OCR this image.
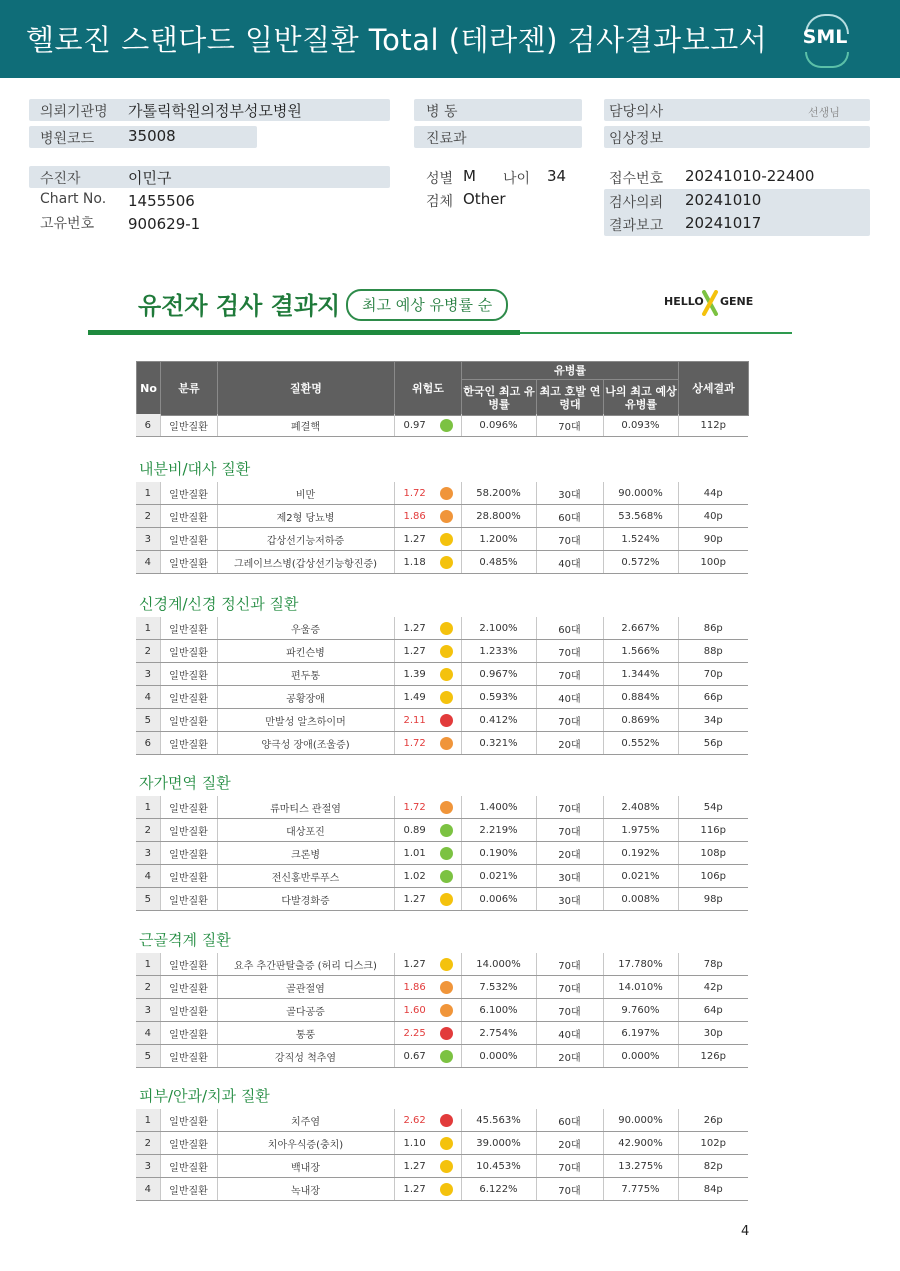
헬로진 스탠다드 일반질환 Total (테라젠) 검사결과보고서	SML
의뢰기관명 가톨릭학원의정부성모병원
병원코드 35008
병 동
진료과
담당의사	선생님
임상정보
수진자	이민구
Chart No. 1455506
고유번호 900629-1
성별 M 나이 34
검체 Other
접수번호 20241010-22400
검사의뢰 20241010
결과보고 20241017
유전자 검사 결과지	최고 예상 유병률 순	HELLO GENE
No	분류	질환명	위험도	유병률			상세결과
				한국인 최고 유병률	최고 호발 연령대	나의 최고 예상 유병률	
6	일반질환	폐결핵	0.97	0.096%	70대	0.093%	112p
내분비/대사 질환
1	일반질환	비만	1.72	58.200%	30대	90.000%	44p
2	일반질환	제2형 당뇨병	1.86	28.800%	60대	53.568%	40p
3	일반질환	갑상선기능저하증	1.27	1.200%	70대	1.524%	90p
4	일반질환	그레이브스병(갑상선기능항진증)	1.18	0.485%	40대	0.572%	100p
신경계/신경 정신과 질환
1	일반질환	우울증	1.27	2.100%	60대	2.667%	86p
2	일반질환	파킨슨병	1.27	1.233%	70대	1.566%	88p
3	일반질환	편두통	1.39	0.967%	70대	1.344%	70p
4	일반질환	공황장애	1.49	0.593%	40대	0.884%	66p
5	일반질환	만발성 알츠하이머	2.11	0.412%	70대	0.869%	34p
6	일반질환	양극성 장애(조울증)	1.72	0.321%	20대	0.552%	56p
자가면역 질환
1	일반질환	류마티스 관절염	1.72	1.400%	70대	2.408%	54p
2	일반질환	대상포진	0.89	2.219%	70대	1.975%	116p
3	일반질환	크론병	1.01	0.190%	20대	0.192%	108p
4	일반질환	전신홍반루푸스	1.02	0.021%	30대	0.021%	106p
5	일반질환	다발경화증	1.27	0.006%	30대	0.008%	98p
근골격계 질환
1	일반질환	요추 추간판탈출증 (허리 디스크)	1.27	14.000%	70대	17.780%	78p
2	일반질환	골관절염	1.86	7.532%	70대	14.010%	42p
3	일반질환	골다공증	1.60	6.100%	70대	9.760%	64p
4	일반질환	통풍	2.25	2.754%	40대	6.197%	30p
5	일반질환	강직성 척추염	0.67	0.000%	20대	0.000%	126p
피부/안과/치과 질환
1	일반질환	치주염	2.62	45.563%	60대	90.000%	26p
2	일반질환	치아우식증(충치)	1.10	39.000%	20대	42.900%	102p
3	일반질환	백내장	1.27	10.453%	70대	13.275%	82p
4	일반질환	녹내장	1.27	6.122%	70대	7.775%	84p
4
